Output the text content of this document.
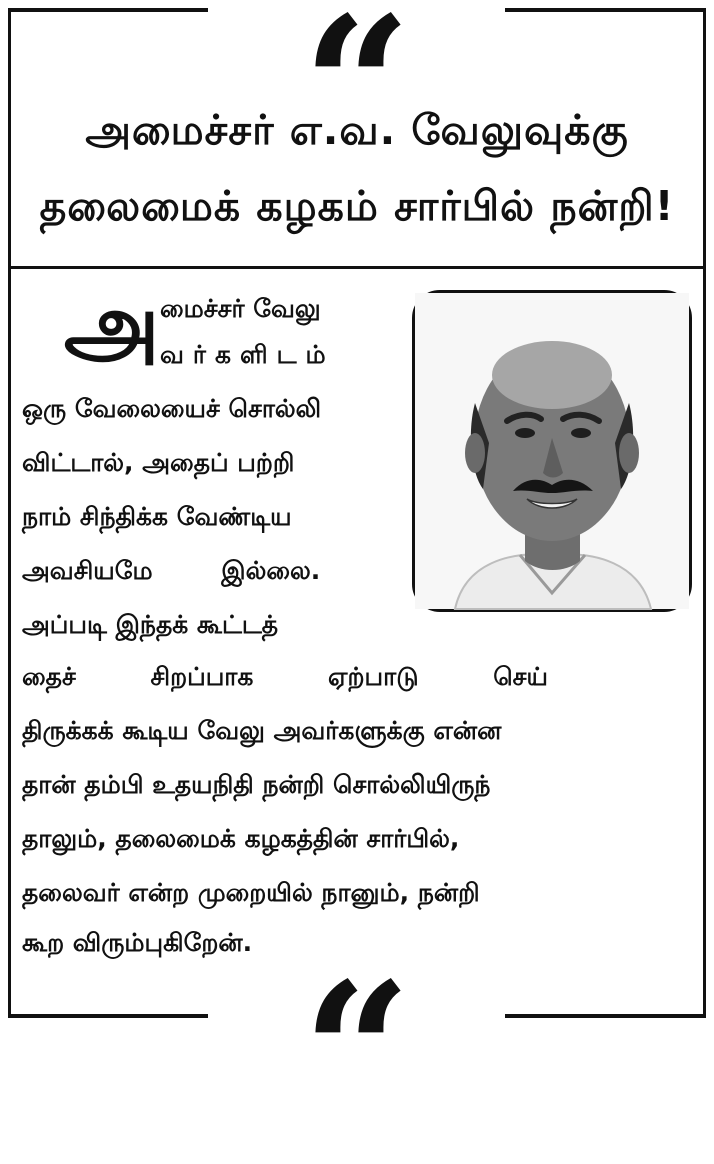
“
அமைச்சர் எ.வ. வேலுவுக்கு
தலைமைக் கழகம் சார்பில் நன்றி!
அ மைச்சர் வேலு
வர்களிடம்
ஒரு வேலையைச் சொல்லி
விட்டால், அதைப் பற்றி
நாம் சிந்திக்க வேண்டிய
அவசியமே இல்லை.
அப்படி இந்தக் கூட்டத்
தைச் சிறப்பாக ஏற்பாடு செய்
திருக்கக் கூடிய வேலு அவர்களுக்கு என்ன
தான் தம்பி உதயநிதி நன்றி சொல்லியிருந்
தாலும், தலைமைக் கழகத்தின் சார்பில்,
தலைவர் என்ற முறையில் நானும், நன்றி
கூற விரும்புகிறேன். “
